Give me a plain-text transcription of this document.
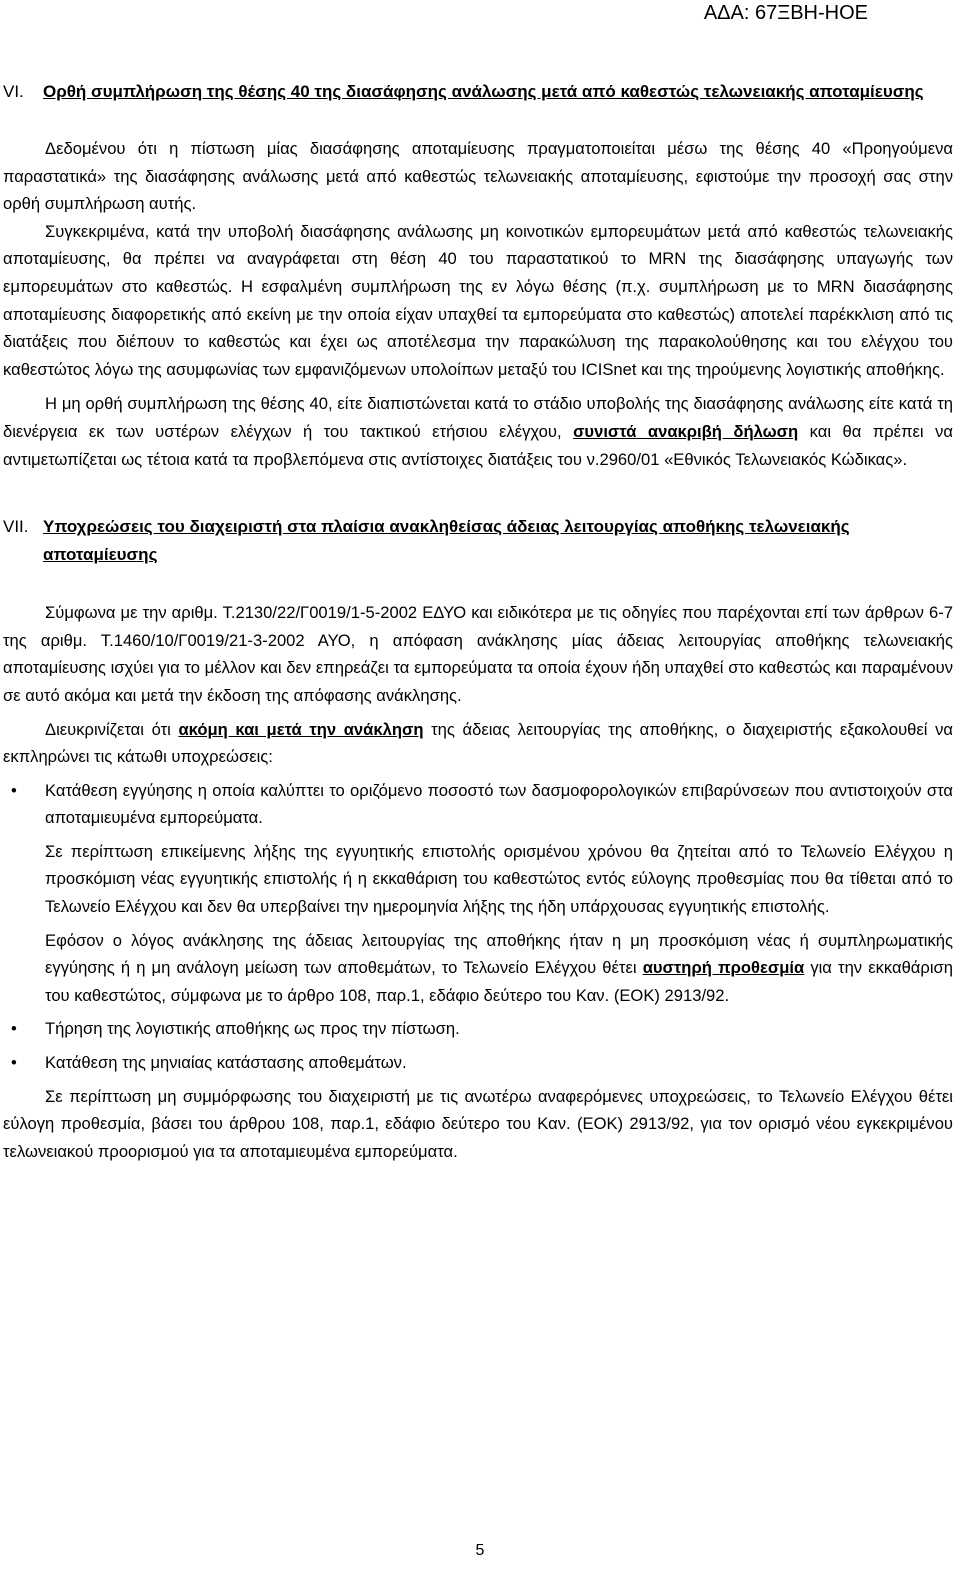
ΑΔΑ: 67ΞΒΗ-ΗΟΕ
VI.	Ορθή συμπλήρωση της θέσης 40 της διασάφησης ανάλωσης μετά από καθεστώς τελωνειακής αποταμίευσης

Δεδομένου ότι η πίστωση μίας διασάφησης αποταμίευσης πραγματοποιείται μέσω της θέσης 40 «Προηγούμενα παραστατικά» της διασάφησης ανάλωσης μετά από καθεστώς τελωνειακής αποταμίευσης, εφιστούμε την προσοχή σας στην ορθή συμπλήρωση αυτής.

Συγκεκριμένα, κατά την υποβολή διασάφησης ανάλωσης μη κοινοτικών εμπορευμάτων μετά από καθεστώς τελωνειακής αποταμίευσης, θα πρέπει να αναγράφεται στη θέση 40 του παραστατικού το MRN της διασάφησης υπαγωγής των εμπορευμάτων στο καθεστώς. Η εσφαλμένη συμπλήρωση της εν λόγω θέσης (π.χ. συμπλήρωση με το MRN διασάφησης αποταμίευσης διαφορετικής από εκείνη με την οποία είχαν υπαχθεί τα εμπορεύματα στο καθεστώς) αποτελεί παρέκκλιση από τις διατάξεις που διέπουν το καθεστώς και έχει ως αποτέλεσμα την παρακώλυση της παρακολούθησης και του ελέγχου του καθεστώτος λόγω της ασυμφωνίας των εμφανιζόμενων υπολοίπων μεταξύ του ICISnet και της τηρούμενης λογιστικής αποθήκης.

Η μη ορθή συμπλήρωση της θέσης 40, είτε διαπιστώνεται κατά το στάδιο υποβολής της διασάφησης ανάλωσης είτε κατά τη διενέργεια εκ των υστέρων ελέγχων ή του τακτικού ετήσιου ελέγχου, συνιστά ανακριβή δήλωση και θα πρέπει να αντιμετωπίζεται ως τέτοια κατά τα προβλεπόμενα στις αντίστοιχες διατάξεις του ν.2960/01 «Εθνικός Τελωνειακός Κώδικας».

VII. Υποχρεώσεις του διαχειριστή στα πλαίσια ανακληθείσας άδειας λειτουργίας αποθήκης τελωνειακής αποταμίευσης

Σύμφωνα με την αριθμ. Τ.2130/22/Γ0019/1-5-2002 ΕΔΥΟ και ειδικότερα με τις οδηγίες που παρέχονται επί των άρθρων 6-7 της αριθμ. Τ.1460/10/Γ0019/21-3-2002 ΑΥΟ, η απόφαση ανάκλησης μίας άδειας λειτουργίας αποθήκης τελωνειακής αποταμίευσης ισχύει για το μέλλον και δεν επηρεάζει τα εμπορεύματα τα οποία έχουν ήδη υπαχθεί στο καθεστώς και παραμένουν σε αυτό ακόμα και μετά την έκδοση της απόφασης ανάκλησης.

Διευκρινίζεται ότι ακόμη και μετά την ανάκληση της άδειας λειτουργίας της αποθήκης, ο διαχειριστής εξακολουθεί να εκπληρώνει τις κάτωθι υποχρεώσεις:

• Κατάθεση εγγύησης η οποία καλύπτει το οριζόμενο ποσοστό των δασμοφορολογικών επιβαρύνσεων που αντιστοιχούν στα αποταμιευμένα εμπορεύματα.

Σε περίπτωση επικείμενης λήξης της εγγυητικής επιστολής ορισμένου χρόνου θα ζητείται από το Τελωνείο Ελέγχου η προσκόμιση νέας εγγυητικής επιστολής ή η εκκαθάριση του καθεστώτος εντός εύλογης προθεσμίας που θα τίθεται από το Τελωνείο Ελέγχου και δεν θα υπερβαίνει την ημερομηνία λήξης της ήδη υπάρχουσας εγγυητικής επιστολής.

Εφόσον ο λόγος ανάκλησης της άδειας λειτουργίας της αποθήκης ήταν η μη προσκόμιση νέας ή συμπληρωματικής εγγύησης ή η μη ανάλογη μείωση των αποθεμάτων, το Τελωνείο Ελέγχου θέτει αυστηρή προθεσμία για την εκκαθάριση του καθεστώτος, σύμφωνα με το άρθρο 108, παρ.1, εδάφιο δεύτερο του Καν. (ΕΟΚ) 2913/92.

• Τήρηση της λογιστικής αποθήκης ως προς την πίστωση.
• Κατάθεση της μηνιαίας κατάστασης αποθεμάτων.

Σε περίπτωση μη συμμόρφωσης του διαχειριστή με τις ανωτέρω αναφερόμενες υποχρεώσεις, το Τελωνείο Ελέγχου θέτει εύλογη προθεσμία, βάσει του άρθρου 108, παρ.1, εδάφιο δεύτερο του Καν. (ΕΟΚ) 2913/92, για τον ορισμό νέου εγκεκριμένου τελωνειακού προορισμού για τα αποταμιευμένα εμπορεύματα.

5
